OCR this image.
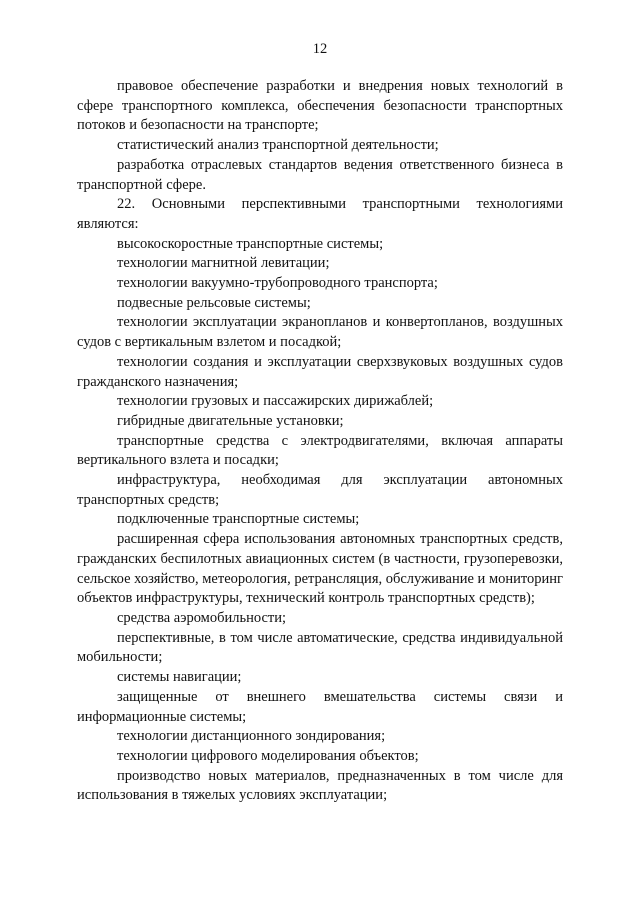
12

правовое обеспечение разработки и внедрения новых технологий в сфере транспортного комплекса, обеспечения безопасности транспортных потоков и безопасности на транспорте;

статистический анализ транспортной деятельности;

разработка отраслевых стандартов ведения ответственного бизнеса в транспортной сфере.

22. Основными перспективными транспортными технологиями являются:

высокоскоростные транспортные системы;

технологии магнитной левитации;

технологии вакуумно-трубопроводного транспорта;

подвесные рельсовые системы;

технологии эксплуатации экранопланов и конвертопланов, воздушных судов с вертикальным взлетом и посадкой;

технологии создания и эксплуатации сверхзвуковых воздушных судов гражданского назначения;

технологии грузовых и пассажирских дирижаблей;

гибридные двигательные установки;

транспортные средства с электродвигателями, включая аппараты вертикального взлета и посадки;

инфраструктура, необходимая для эксплуатации автономных транспортных средств;

подключенные транспортные системы;

расширенная сфера использования автономных транспортных средств, гражданских беспилотных авиационных систем (в частности, грузоперевозки, сельское хозяйство, метеорология, ретрансляция, обслуживание и мониторинг объектов инфраструктуры, технический контроль транспортных средств);

средства аэромобильности;

перспективные, в том числе автоматические, средства индивидуальной мобильности;

системы навигации;

защищенные от внешнего вмешательства системы связи и информационные системы;

технологии дистанционного зондирования;

технологии цифрового моделирования объектов;

производство новых материалов, предназначенных в том числе для использования в тяжелых условиях эксплуатации;
